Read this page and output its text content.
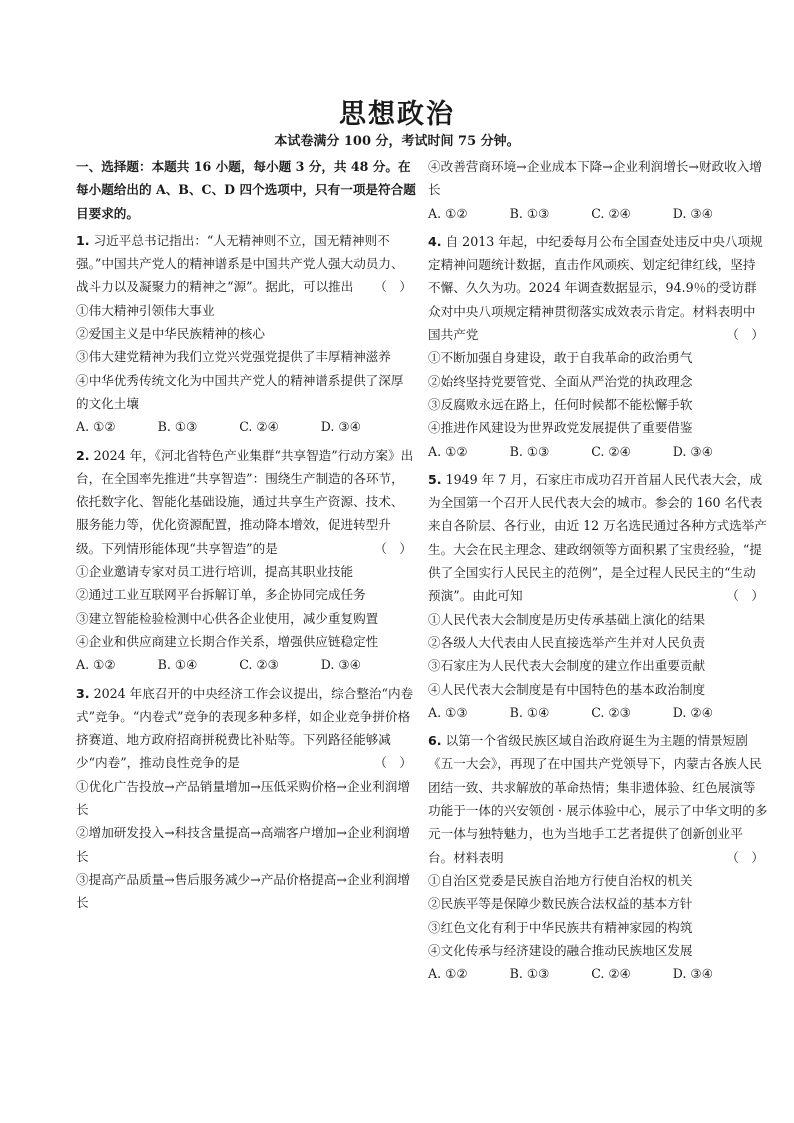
思想政治
本试卷满分 100 分，考试时间 75 分钟。

一、选择题：本题共 16 小题，每小题 3 分，共 48 分。在每小题给出的 A、B、C、D 四个选项中，只有一项是符合题目要求的。

1. 习近平总书记指出：“人无精神则不立，国无精神则不强。”中国共产党人的精神谱系是中国共产党人强大动员力、战斗力以及凝聚力的精神之“源”。据此，可以推出 （　）

①伟大精神引领伟大事业

②爱国主义是中华民族精神的核心

③伟大建党精神为我们立党兴党强党提供了丰厚精神滋养

④中华优秀传统文化为中国共产党人的精神谱系提供了深厚的文化土壤

A. ①②	B. ①③	C. ②④	D. ③④

2. 2024 年，《河北省特色产业集群“共享智造”行动方案》出台，在全国率先推进“共享智造”：围绕生产制造的各环节，依托数字化、智能化基础设施，通过共享生产资源、技术、服务能力等，优化资源配置，推动降本增效，促进转型升级。下列情形能体现“共享智造”的是	（　）

①企业邀请专家对员工进行培训，提高其职业技能

②通过工业互联网平台拆解订单，多企协同完成任务

③建立智能检验检测中心供各企业使用，减少重复购置

④企业和供应商建立长期合作关系，增强供应链稳定性

A. ①②	B. ①④	C. ②③	D. ③④

3. 2024 年底召开的中央经济工作会议提出，综合整治“内卷式”竞争。“内卷式”竞争的表现多种多样，如企业竞争拼价格挤赛道、地方政府招商拼税费比补贴等。下列路径能够减少“内卷”，推动良性竞争的是	（　）

①优化广告投放→产品销量增加→压低采购价格→企业利润增长

②增加研发投入→科技含量提高→高端客户增加→企业利润增长

③提高产品质量→售后服务减少→产品价格提高→企业利润增长

④改善营商环境→企业成本下降→企业利润增长→财政收入增长

A. ①②	B. ①③	C. ②④	D. ③④

4. 自 2013 年起，中纪委每月公布全国查处违反中央八项规定精神问题统计数据，直击作风顽疾、划定纪律红线，坚持不懈、久久为功。2024 年调查数据显示，94.9％的受访群众对中央八项规定精神贯彻落实成效表示肯定。材料表明中国共产党	（　）

①不断加强自身建设，敢于自我革命的政治勇气

②始终坚持党要管党、全面从严治党的执政理念

③反腐败永远在路上，任何时候都不能松懈手软

④推进作风建设为世界政党发展提供了重要借鉴

A. ①②	B. ①③	C. ②④	D. ③④

5. 1949 年 7 月，石家庄市成功召开首届人民代表大会，成为全国第一个召开人民代表大会的城市。参会的 160 名代表来自各阶层、各行业，由近 12 万名选民通过各种方式选举产生。大会在民主理念、建政纲领等方面积累了宝贵经验，“提供了全国实行人民民主的范例”，是全过程人民民主的“生动预演”。由此可知	（　）

①人民代表大会制度是历史传承基础上演化的结果

②各级人大代表由人民直接选举产生并对人民负责

③石家庄为人民代表大会制度的建立作出重要贡献

④人民代表大会制度是有中国特色的基本政治制度

A. ①③	B. ①④	C. ②③	D. ②④

6. 以第一个省级民族区域自治政府诞生为主题的情景短剧《五一大会》，再现了在中国共产党领导下，内蒙古各族人民团结一致、共求解放的革命热情；集非遗体验、红色展演等功能于一体的兴安领创 · 展示体验中心，展示了中华文明的多元一体与独特魅力，也为当地手工艺者提供了创新创业平台。材料表明	（　）

①自治区党委是民族自治地方行使自治权的机关

②民族平等是保障少数民族合法权益的基本方针

③红色文化有利于中华民族共有精神家园的构筑

④文化传承与经济建设的融合推动民族地区发展

A. ①②	B. ①③	C. ②④	D. ③④
